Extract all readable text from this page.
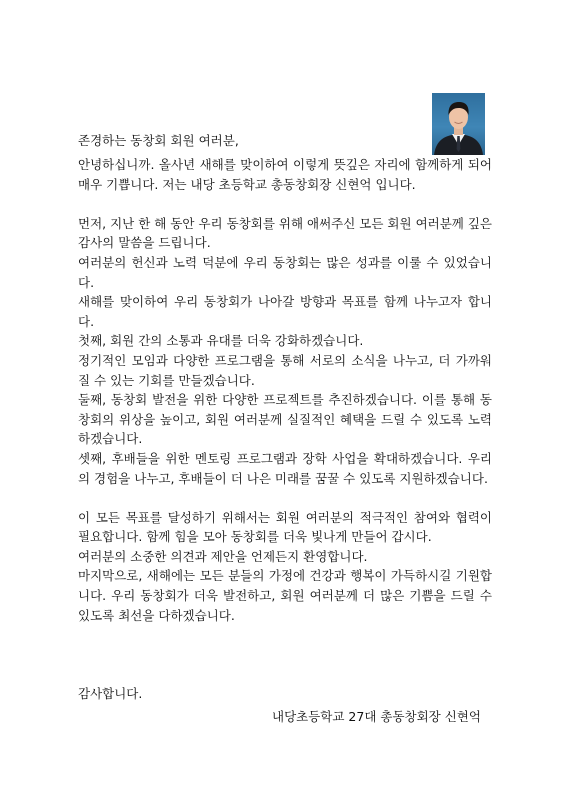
존경하는 동창회 회원 여러분,

안녕하십니까. 올사년 새해를 맞이하여 이렇게 뜻깊은 자리에 함께하게 되어 매우 기쁩니다. 저는 내당 초등학교 총동창회장 신현억 입니다.

먼저, 지난 한 해 동안 우리 동창회를 위해 애써주신 모든 회원 여러분께 깊은 감사의 말씀을 드립니다.

여러분의 헌신과 노력 덕분에 우리 동창회는 많은 성과를 이룰 수 있었습니다.

새해를 맞이하여 우리 동창회가 나아갈 방향과 목표를 함께 나누고자 합니다.

첫째, 회원 간의 소통과 유대를 더욱 강화하겠습니다.

정기적인 모임과 다양한 프로그램을 통해 서로의 소식을 나누고, 더 가까워질 수 있는 기회를 만들겠습니다.

둘째, 동창회 발전을 위한 다양한 프로젝트를 추진하겠습니다. 이를 통해 동창회의 위상을 높이고, 회원 여러분께 실질적인 혜택을 드릴 수 있도록 노력하겠습니다.

셋째, 후배들을 위한 멘토링 프로그램과 장학 사업을 확대하겠습니다. 우리의 경험을 나누고, 후배들이 더 나은 미래를 꿈꿀 수 있도록 지원하겠습니다.

이 모든 목표를 달성하기 위해서는 회원 여러분의 적극적인 참여와 협력이 필요합니다. 함께 힘을 모아 동창회를 더욱 빛나게 만들어 갑시다.

여러분의 소중한 의견과 제안을 언제든지 환영합니다.

마지막으로, 새해에는 모든 분들의 가정에 건강과 행복이 가득하시길 기원합니다. 우리 동창회가 더욱 발전하고, 회원 여러분께 더 많은 기쁨을 드릴 수 있도록 최선을 다하겠습니다.

감사합니다.
내당초등학교 27대 총동창회장 신현억
